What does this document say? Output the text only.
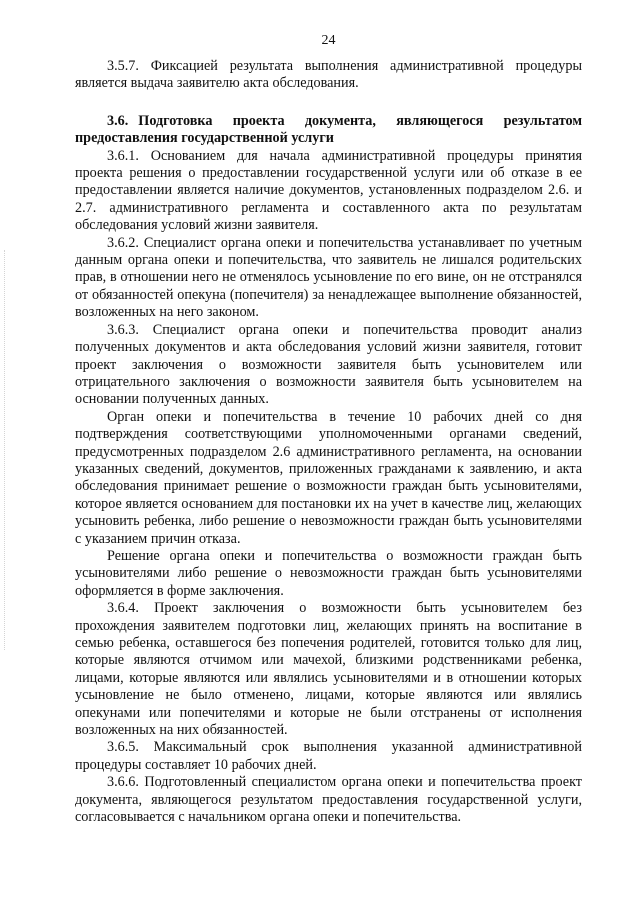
24

3.5.7. Фиксацией результата выполнения административной процедуры является выдача заявителю акта обследования.

3.6. Подготовка проекта документа, являющегося результатом предоставления государственной услуги

3.6.1. Основанием для начала административной процедуры принятия проекта решения о предоставлении государственной услуги или об отказе в ее предоставлении является наличие документов, установленных подразделом 2.6. и 2.7. административного регламента и составленного акта по результатам обследования условий жизни заявителя.

3.6.2. Специалист органа опеки и попечительства устанавливает по учетным данным органа опеки и попечительства, что заявитель не лишался родительских прав, в отношении него не отменялось усыновление по его вине, он не отстранялся от обязанностей опекуна (попечителя) за ненадлежащее выполнение обязанностей, возложенных на него законом.

3.6.3. Специалист органа опеки и попечительства проводит анализ полученных документов и акта обследования условий жизни заявителя, готовит проект заключения о возможности заявителя быть усыновителем или отрицательного заключения о возможности заявителя быть усыновителем на основании полученных данных.

Орган опеки и попечительства в течение 10 рабочих дней со дня подтверждения соответствующими уполномоченными органами сведений, предусмотренных подразделом 2.6 административного регламента, на основании указанных сведений, документов, приложенных гражданами к заявлению, и акта обследования принимает решение о возможности граждан быть усыновителями, которое является основанием для постановки их на учет в качестве лиц, желающих усыновить ребенка, либо решение о невозможности граждан быть усыновителями с указанием причин отказа.

Решение органа опеки и попечительства о возможности граждан быть усыновителями либо решение о невозможности граждан быть усыновителями оформляется в форме заключения.

3.6.4. Проект заключения о возможности быть усыновителем без прохождения заявителем подготовки лиц, желающих принять на воспитание в семью ребенка, оставшегося без попечения родителей, готовится только для лиц, которые являются отчимом или мачехой, близкими родственниками ребенка, лицами, которые являются или являлись усыновителями и в отношении которых усыновление не было отменено, лицами, которые являются или являлись опекунами или попечителями и которые не были отстранены от исполнения возложенных на них обязанностей.

3.6.5. Максимальный срок выполнения указанной административной процедуры составляет 10 рабочих дней.

3.6.6. Подготовленный специалистом органа опеки и попечительства проект документа, являющегося результатом предоставления государственной услуги, согласовывается с начальником органа опеки и попечительства.
